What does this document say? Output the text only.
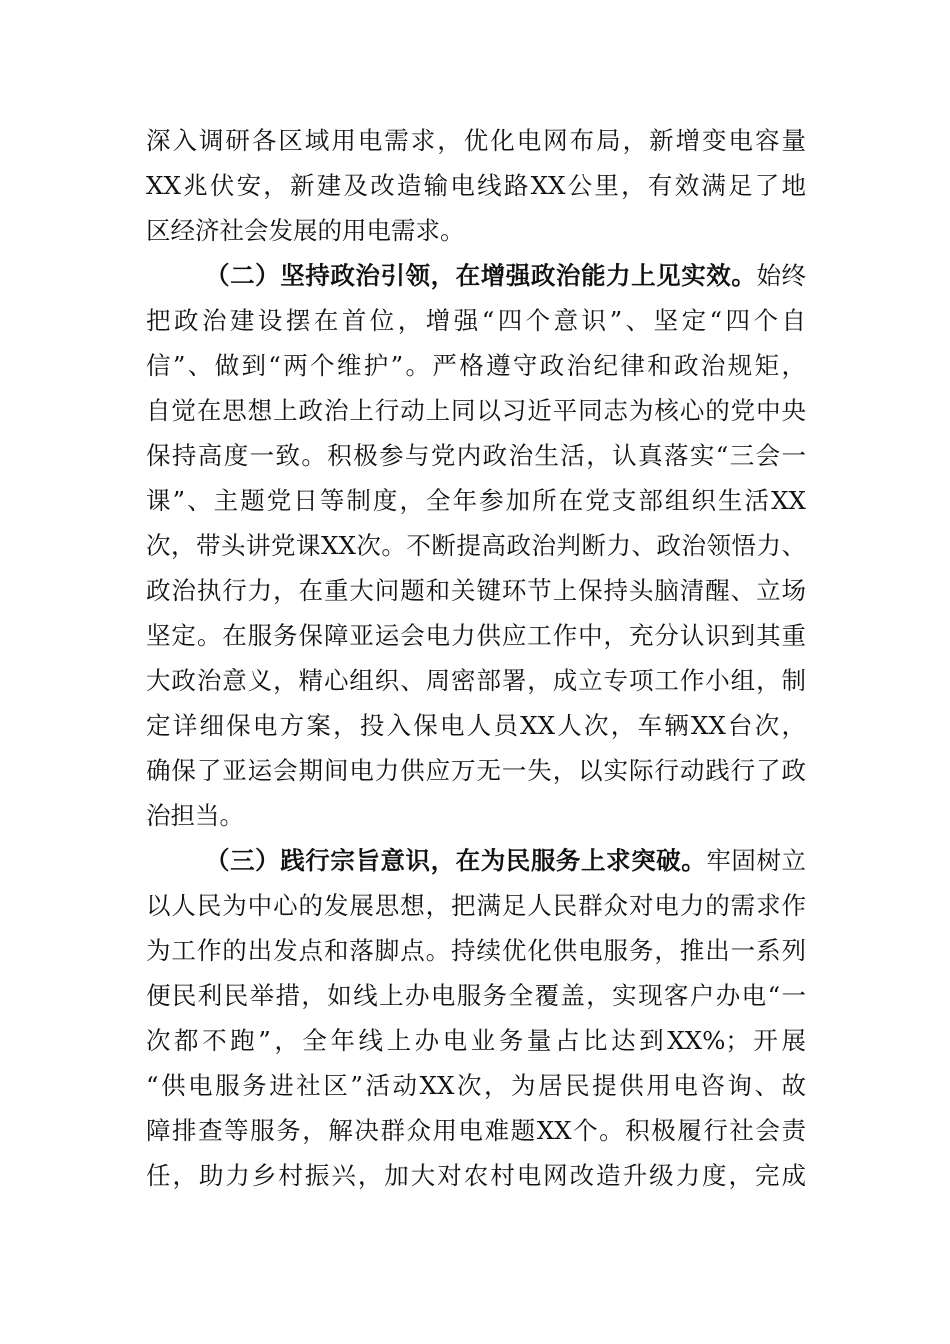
深入调研各区域用电需求，优化电网布局，新增变电容量
XX兆伏安，新建及改造输电线路XX公里，有效满足了地
区经济社会发展的用电需求。
（二）坚持政治引领，在增强政治能力上见实效。始终
把政治建设摆在首位，增强“四个意识”、坚定“四个自
信”、做到“两个维护”。严格遵守政治纪律和政治规矩，
自觉在思想上政治上行动上同以习近平同志为核心的党中央
保持高度一致。积极参与党内政治生活，认真落实“三会一
课”、主题党日等制度，全年参加所在党支部组织生活XX
次，带头讲党课XX次。不断提高政治判断力、政治领悟力、
政治执行力，在重大问题和关键环节上保持头脑清醒、立场
坚定。在服务保障亚运会电力供应工作中，充分认识到其重
大政治意义，精心组织、周密部署，成立专项工作小组，制
定详细保电方案，投入保电人员XX人次，车辆XX台次，
确保了亚运会期间电力供应万无一失，以实际行动践行了政
治担当。
（三）践行宗旨意识，在为民服务上求突破。牢固树立
以人民为中心的发展思想，把满足人民群众对电力的需求作
为工作的出发点和落脚点。持续优化供电服务，推出一系列
便民利民举措，如线上办电服务全覆盖，实现客户办电“一
次都不跑”，全年线上办电业务量占比达到XX%；开展
“供电服务进社区”活动XX次，为居民提供用电咨询、故
障排查等服务，解决群众用电难题XX个。积极履行社会责
任，助力乡村振兴，加大对农村电网改造升级力度，完成
